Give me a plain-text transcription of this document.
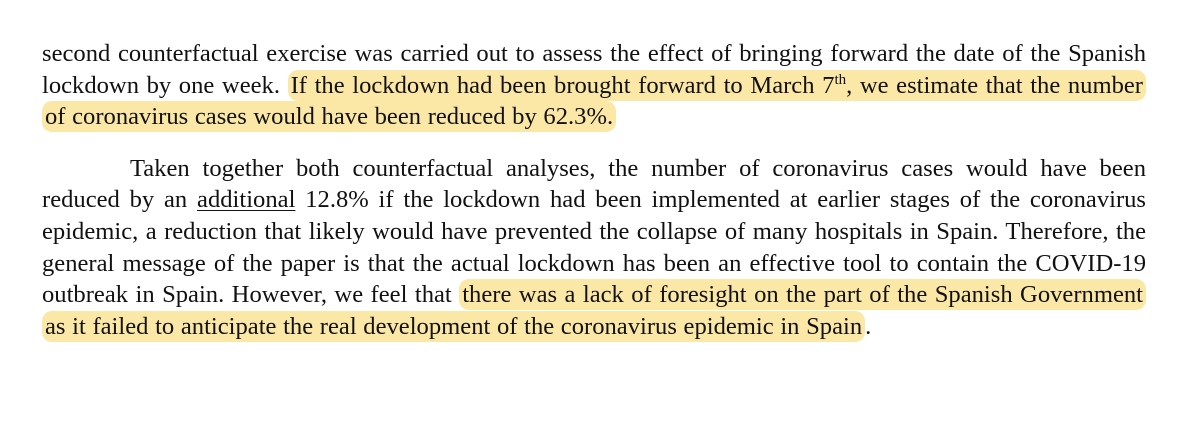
second counterfactual exercise was carried out to assess the effect of bringing forward the date of the Spanish lockdown by one week. If the lockdown had been brought forward to March 7th, we estimate that the number of coronavirus cases would have been reduced by 62.3%.

Taken together both counterfactual analyses, the number of coronavirus cases would have been reduced by an additional 12.8% if the lockdown had been implemented at earlier stages of the coronavirus epidemic, a reduction that likely would have prevented the collapse of many hospitals in Spain. Therefore, the general message of the paper is that the actual lockdown has been an effective tool to contain the COVID-19 outbreak in Spain. However, we feel that there was a lack of foresight on the part of the Spanish Government as it failed to anticipate the real development of the coronavirus epidemic in Spain .
